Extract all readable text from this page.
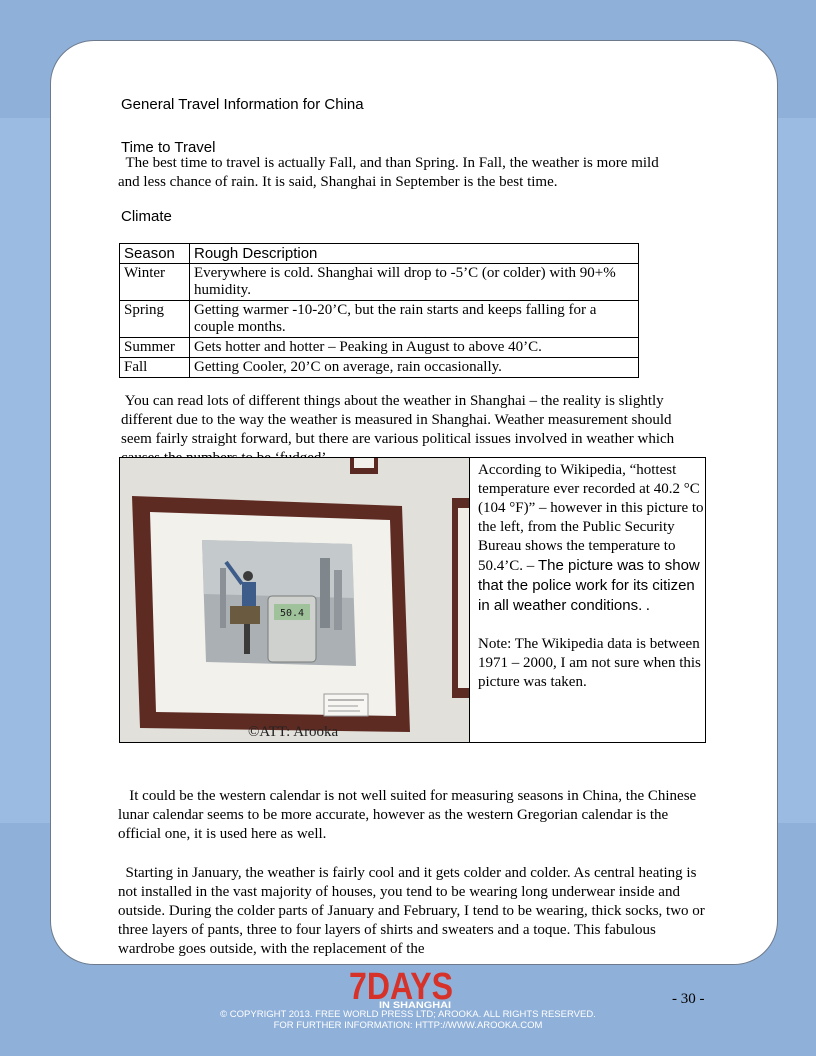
General Travel Information for China
Time to Travel
The best time to travel is actually Fall, and than Spring. In Fall, the weather is more mild and less chance of rain. It is said, Shanghai in September is the best time.
Climate
Season	Rough Description
Winter	Everywhere is cold. Shanghai will drop to -5’C (or colder) with 90+% humidity.
Spring	Getting warmer -10-20’C, but the rain starts and keeps falling for a couple months.
Summer	Gets hotter and hotter – Peaking in August to above 40’C.
Fall	Getting Cooler, 20’C on average, rain occasionally.
You can read lots of different things about the weather in Shanghai – the reality is slightly different due to the way the weather is measured in Shanghai. Weather measurement should seem fairly straight forward, but there are various political issues involved in weather which
50.4
©ATT: Arooka
According to Wikipedia, “hottest temperature ever recorded at 40.2 °C (104 °F)” – however in this picture to the left, from the Public Security Bureau shows the temperature to 50.4’C. – The picture was to show that the police work for its citizen in all weather conditions. .

Note: The Wikipedia data is between 1971 – 2000, I am not sure when this picture was taken.
It could be the western calendar is not well suited for measuring seasons in China, the Chinese lunar calendar seems to be more accurate, however as the western Gregorian calendar is the official one, it is used here as well.
Starting in January, the weather is fairly cool and it gets colder and colder. As central heating is not installed in the vast majority of houses, you tend to be wearing long underwear inside and outside. During the colder parts of January and February, I tend to be wearing, thick socks, two or three layers of pants, three to four layers of shirts and sweaters and a toque. This fabulous wardrobe goes outside, with the replacement of the
7DAYS
IN SHANGHAI	- 30 -
© COPYRIGHT 2013. FREE WORLD PRESS LTD; AROOKA. ALL RIGHTS RESERVED.
FOR FURTHER INFORMATION: HTTP://WWW.AROOKA.COM
